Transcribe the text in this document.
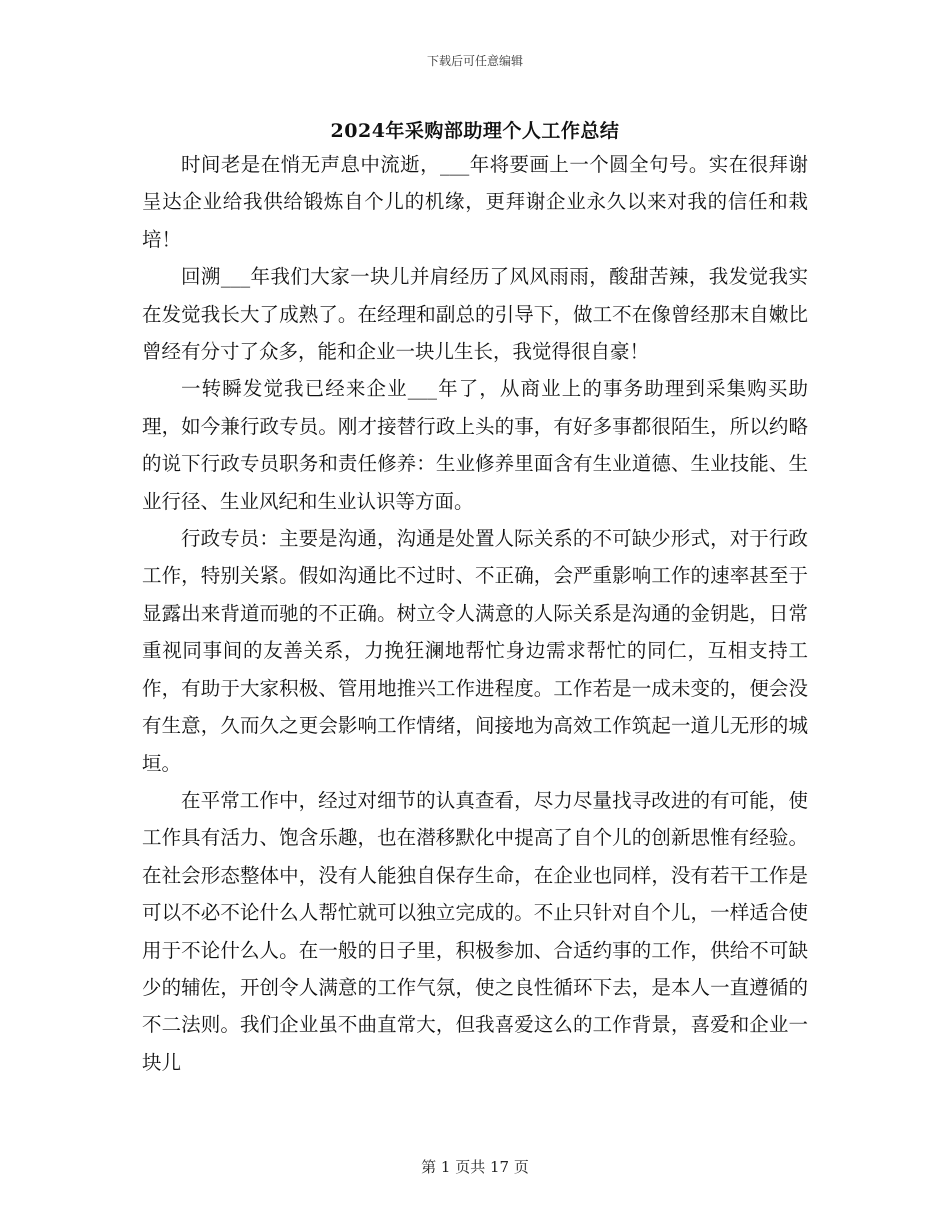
下载后可任意编辑
2024年采购部助理个人工作总结

时间老是在悄无声息中流逝，___年将要画上一个圆全句号。实在很拜谢呈达企业给我供给锻炼自个儿的机缘，更拜谢企业永久以来对我的信任和栽培！

回溯___年我们大家一块儿并肩经历了风风雨雨，酸甜苦辣，我发觉我实在发觉我长大了成熟了。在经理和副总的引导下，做工不在像曾经那末自嫩比曾经有分寸了众多，能和企业一块儿生长，我觉得很自豪！

一转瞬发觉我已经来企业___年了，从商业上的事务助理到采集购买助理，如今兼行政专员。刚才接替行政上头的事，有好多事都很陌生，所以约略的说下行政专员职务和责任修养：生业修养里面含有生业道德、生业技能、生业行径、生业风纪和生业认识等方面。

行政专员：主要是沟通，沟通是处置人际关系的不可缺少形式，对于行政工作，特别关紧。假如沟通比不过时、不正确，会严重影响工作的速率甚至于显露出来背道而驰的不正确。树立令人满意的人际关系是沟通的金钥匙，日常重视同事间的友善关系，力挽狂澜地帮忙身边需求帮忙的同仁，互相支持工作，有助于大家积极、管用地推兴工作进程度。工作若是一成未变的，便会没有生意，久而久之更会影响工作情绪，间接地为高效工作筑起一道儿无形的城垣。

在平常工作中，经过对细节的认真查看，尽力尽量找寻改进的有可能，使工作具有活力、饱含乐趣，也在潜移默化中提高了自个儿的创新思惟有经验。在社会形态整体中，没有人能独自保存生命，在企业也同样，没有若干工作是可以不必不论什么人帮忙就可以独立完成的。不止只针对自个儿，一样适合使用于不论什么人。在一般的日子里，积极参加、合适约事的工作，供给不可缺少的辅佐，开创令人满意的工作气氛，使之良性循环下去，是本人一直遵循的不二法则。我们企业虽不曲直常大，但我喜爱这么的工作背景，喜爱和企业一块儿

第 1 页共 17 页
